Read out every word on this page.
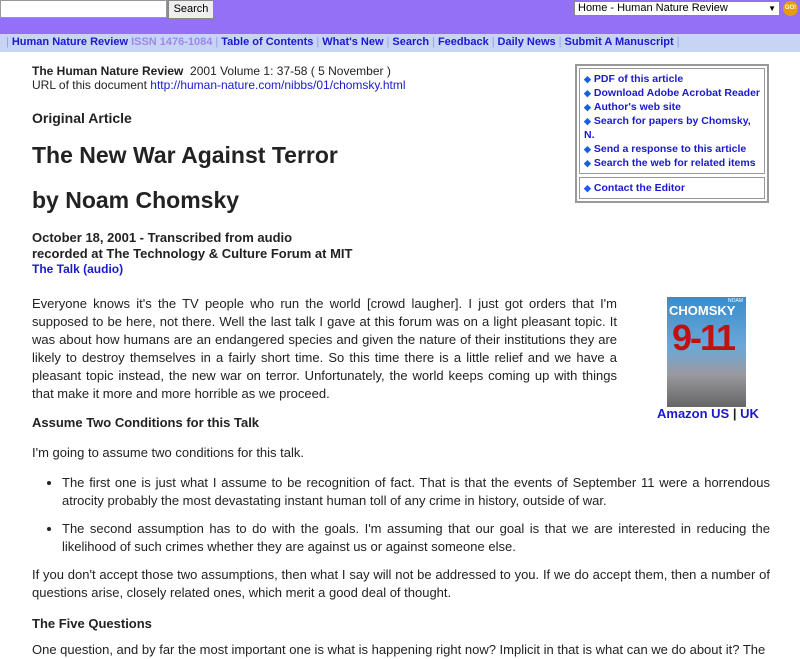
Search	Home - Human Nature Review	▼	GO!
| Human Nature Review ISSN 1476-1084 | Table of Contents | What's New | Search | Feedback | Daily News | Submit A Manuscript |
The Human Nature Review 2001 Volume 1: 37-58 ( 5 November )
URL of this document http://human-nature.com/nibbs/01/chomsky.html
Original Article
The New War Against Terror
by Noam Chomsky
October 18, 2001 - Transcribed from audio
recorded at The Technology & Culture Forum at MIT
The Talk (audio)

Everyone knows it's the TV people who run the world [crowd laugher]. I just got orders that I'm supposed to be here, not there. Well the last talk I gave at this forum was on a light pleasant topic. It was about how humans are an endangered species and given the nature of their institutions they are likely to destroy themselves in a fairly short time. So this time there is a little relief and we have a pleasant topic instead, the new war on terror. Unfortunately, the world keeps coming up with things that make it more and more horrible as we proceed.

Assume Two Conditions for this Talk

I'm going to assume two conditions for this talk.

• The first one is just what I assume to be recognition of fact. That is that the events of September 11 were a horrendous atrocity probably the most devastating instant human toll of any crime in history, outside of war.
• The second assumption has to do with the goals. I'm assuming that our goal is that we are interested in reducing the likelihood of such crimes whether they are against us or against someone else.

If you don't accept those two assumptions, then what I say will not be addressed to you. If we do accept them, then a number of questions arise, closely related ones, which merit a good deal of thought.

The Five Questions

One question, and by far the most important one is what is happening right now? Implicit in that is what can we do about it? The

◆ PDF of this article
◆ Download Adobe Acrobat Reader
◆ Author's web site
◆ Search for papers by Chomsky, N.
◆ Send a response to this article
◆ Search the web for related items
◆ Contact the Editor
NOAM
CHOMSKY
9-11
Amazon US | UK
